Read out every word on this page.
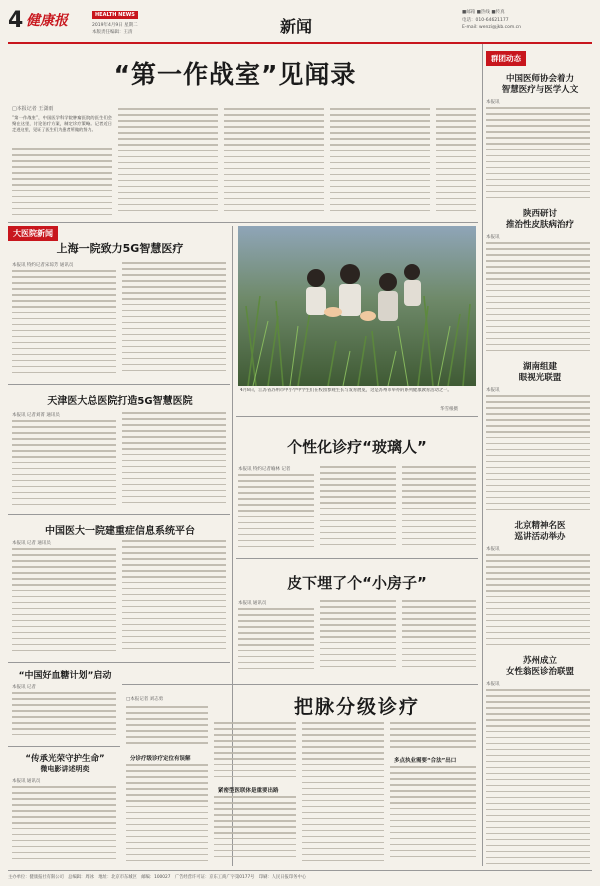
4 健康报	HEALTH NEWS
2019年4月9日 星期二
本版责任编辑：王清	新闻
■邮箱 ■热线 ■传真
电话：010-64621177
E-mail: wenzi@jkb.com.cn
“第一作战室”见闻录
□本报记者 王潇雨
“第一作战室”，中国医学科学院肿瘤医院的医生们会聚在这里，讨论治疗方案，制定诊疗策略。记者近日走进这里，见证了医生们为患者所做的努力。
大医院新闻
上海一院致力5G智慧医疗
本报讯 特约记者宋琼芳 通讯员
天津医大总医院打造5G智慧医院
本报讯 记者刘菁 通讯员
中国医大一院建重症信息系统平台
本报讯 记者 通讯员
“中国好血糖计划”启动
本报讯 记者
“传承光荣守护生命”
微电影讲述明奕
本报讯 通讯员
4月8日，江苏省苏州市中小学中学生们在校园参观生长与发育展览，这是苏州市举办的系列健康教育活动之一。
华雪根摄
个性化诊疗“玻璃人”
本报讯 特约记者喻林 记者
皮下埋了个“小房子”
本报讯 通讯员
把脉分级诊疗
□本报记者 刘志勇
分诊疗级诊疗定位有误解
紧密型医联体是重要出路
多点执业需要“合法”出口
群团动态
中国医师协会着力
智慧医疗与医学人文
本报讯
陕西研讨
推治性皮肤病治疗
本报讯
湖南组建
眼视光联盟
本报讯
北京精神名医
巡讲活动举办
本报讯
苏州成立
女性翁医诊治联盟
本报讯
主办单位：健康报社有限公司　总编辑：周冰　地址：北京市东城区　邮编：100027　广告经营许可证：京东工商广字第0177号　印刷：人民日报印务中心
